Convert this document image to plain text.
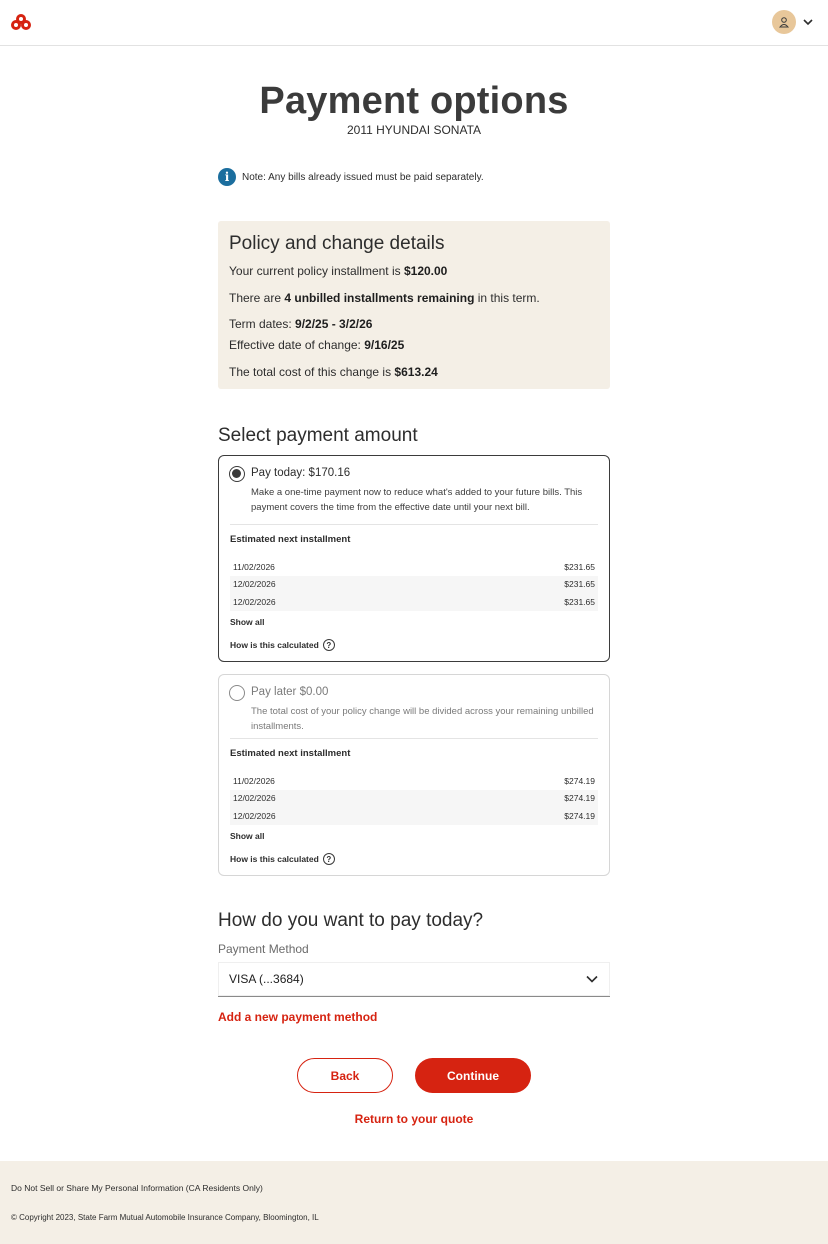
Payment options
2011 HYUNDAI SONATA
i	Note: Any bills already issued must be paid separately.
Policy and change details
Your current policy installment is $120.00
There are 4 unbilled installments remaining in this term.
Term dates: 9/2/25 - 3/2/26
Effective date of change: 9/16/25
The total cost of this change is $613.24
Select payment amount
Pay today: $170.16
Make a one-time payment now to reduce what's added to your future bills. This payment covers the time from the effective date until your next bill.
Estimated next installment
11/02/2026	$231.65
12/02/2026	$231.65
12/02/2026	$231.65
Show all
How is this calculated ?
Pay later $0.00
The total cost of your policy change will be divided across your remaining unbilled installments.
Estimated next installment
11/02/2026	$274.19
12/02/2026	$274.19
12/02/2026	$274.19
Show all
How is this calculated ?
How do you want to pay today?
Payment Method
VISA (...3684)
Add a new payment method
Back	Continue
Return to your quote
Do Not Sell or Share My Personal Information (CA Residents Only)
© Copyright 2023, State Farm Mutual Automobile Insurance Company, Bloomington, IL
